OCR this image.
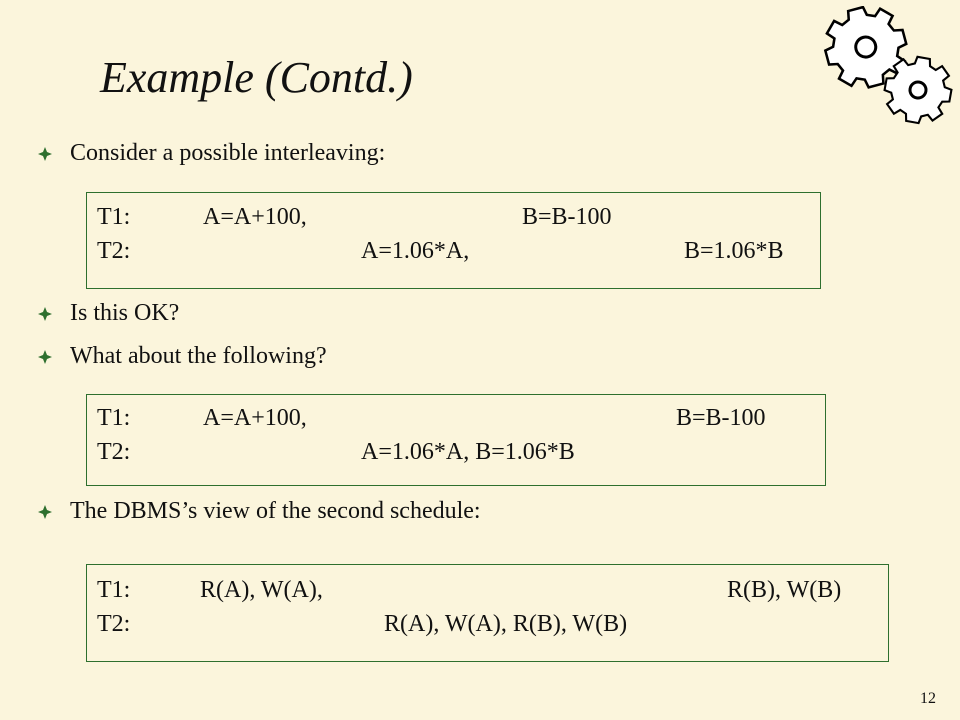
Example (Contd.)
Consider a possible interleaving:
T1:	A=A+100,	B=B-100
T2:	A=1.06*A,	B=1.06*B
Is this OK?
What about the following?
T1:	A=A+100,	B=B-100
T2:	A=1.06*A, B=1.06*B
The DBMS’s view of the second schedule:
T1:	R(A), W(A),	R(B), W(B)
T2:	R(A), W(A), R(B), W(B)
12
